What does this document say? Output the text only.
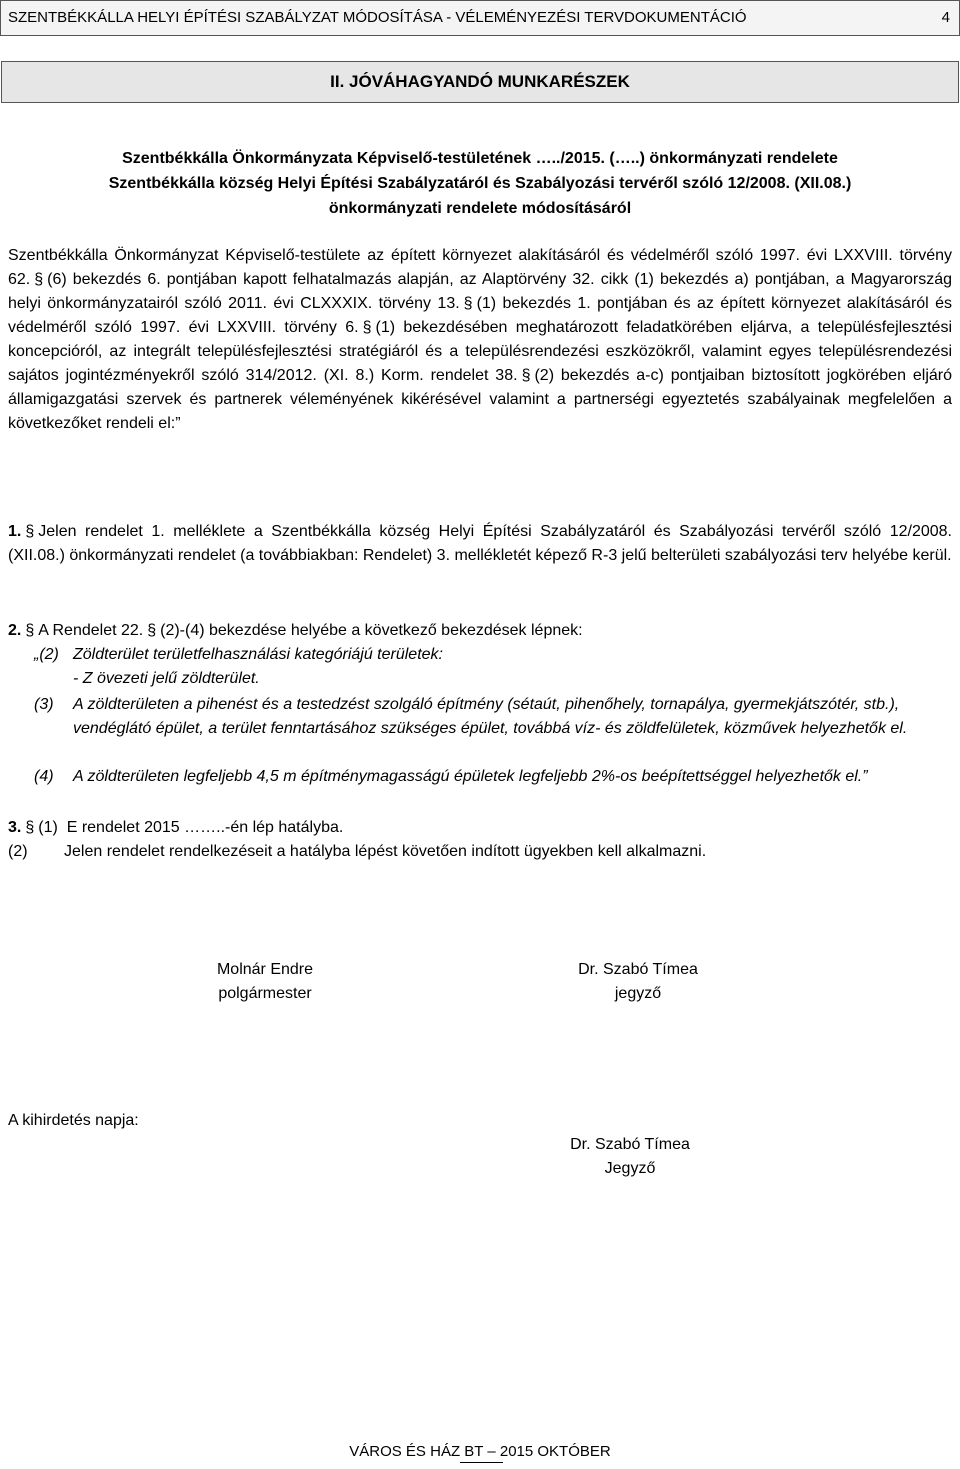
SZENTBÉKKÁLLA HELYI ÉPÍTÉSI SZABÁLYZAT MÓDOSÍTÁSA - VÉLEMÉNYEZÉSI TERVDOKUMENTÁCIÓ	4
II. JÓVÁHAGYANDÓ MUNKARÉSZEK
Szentbékkálla Önkormányzata Képviselő-testületének …../2015. (…..) önkormányzati rendelete
Szentbékkálla község Helyi Építési Szabályzatáról és Szabályozási tervéről szóló 12/2008. (XII.08.)
önkormányzati rendelete módosításáról
Szentbékkálla Önkormányzat Képviselő-testülete az épített környezet alakításáról és védelméről szóló 1997. évi LXXVIII. törvény 62. § (6) bekezdés 6. pontjában kapott felhatalmazás alapján, az Alaptörvény 32. cikk (1) bekezdés a) pontjában, a Magyarország helyi önkormányzatairól szóló 2011. évi CLXXXIX. törvény 13. § (1) bekezdés 1. pontjában és az épített környezet alakításáról és védelméről szóló 1997. évi LXXVIII. törvény 6. § (1) bekezdésében meghatározott feladatkörében eljárva, a településfejlesztési koncepcióról, az integrált településfejlesztési stratégiáról és a településrendezési eszközökről, valamint egyes településrendezési sajátos jogintézményekről szóló 314/2012. (XI. 8.) Korm. rendelet 38. § (2) bekezdés a-c) pontjaiban biztosított jogkörében eljáró államigazgatási szervek és partnerek véleményének kikérésével valamint a partnerségi egyeztetés szabályainak megfelelően a következőket rendeli el:”
1. § Jelen rendelet 1. melléklete a Szentbékkálla község Helyi Építési Szabályzatáról és Szabályozási tervéről szóló 12/2008. (XII.08.) önkormányzati rendelet (a továbbiakban: Rendelet) 3. mellékletét képező R-3 jelű belterületi szabályozási terv helyébe kerül.
2. § A Rendelet 22. § (2)-(4) bekezdése helyébe a következő bekezdések lépnek:
„(2) Zöldterület területfelhasználási kategóriájú területek:
- Z övezeti jelű zöldterület.
(3) A zöldterületen a pihenést és a testedzést szolgáló építmény (sétaút, pihenőhely, tornapálya, gyermekjátszótér, stb.), vendéglátó épület, a terület fenntartásához szükséges épület, továbbá víz- és zöldfelületek, közművek helyezhetők el.
(4) A zöldterületen legfeljebb 4,5 m építménymagasságú épületek legfeljebb 2%-os beépítettséggel helyezhetők el.”
3. § (1) E rendelet 2015 ……..-én lép hatályba.
(2) Jelen rendelet rendelkezéseit a hatályba lépést követően indított ügyekben kell alkalmazni.
Molnár Endre
polgármester
Dr. Szabó Tímea
jegyző
A kihirdetés napja:
Dr. Szabó Tímea
Jegyző
VÁROS ÉS HÁZ BT – 2015 OKTÓBER
